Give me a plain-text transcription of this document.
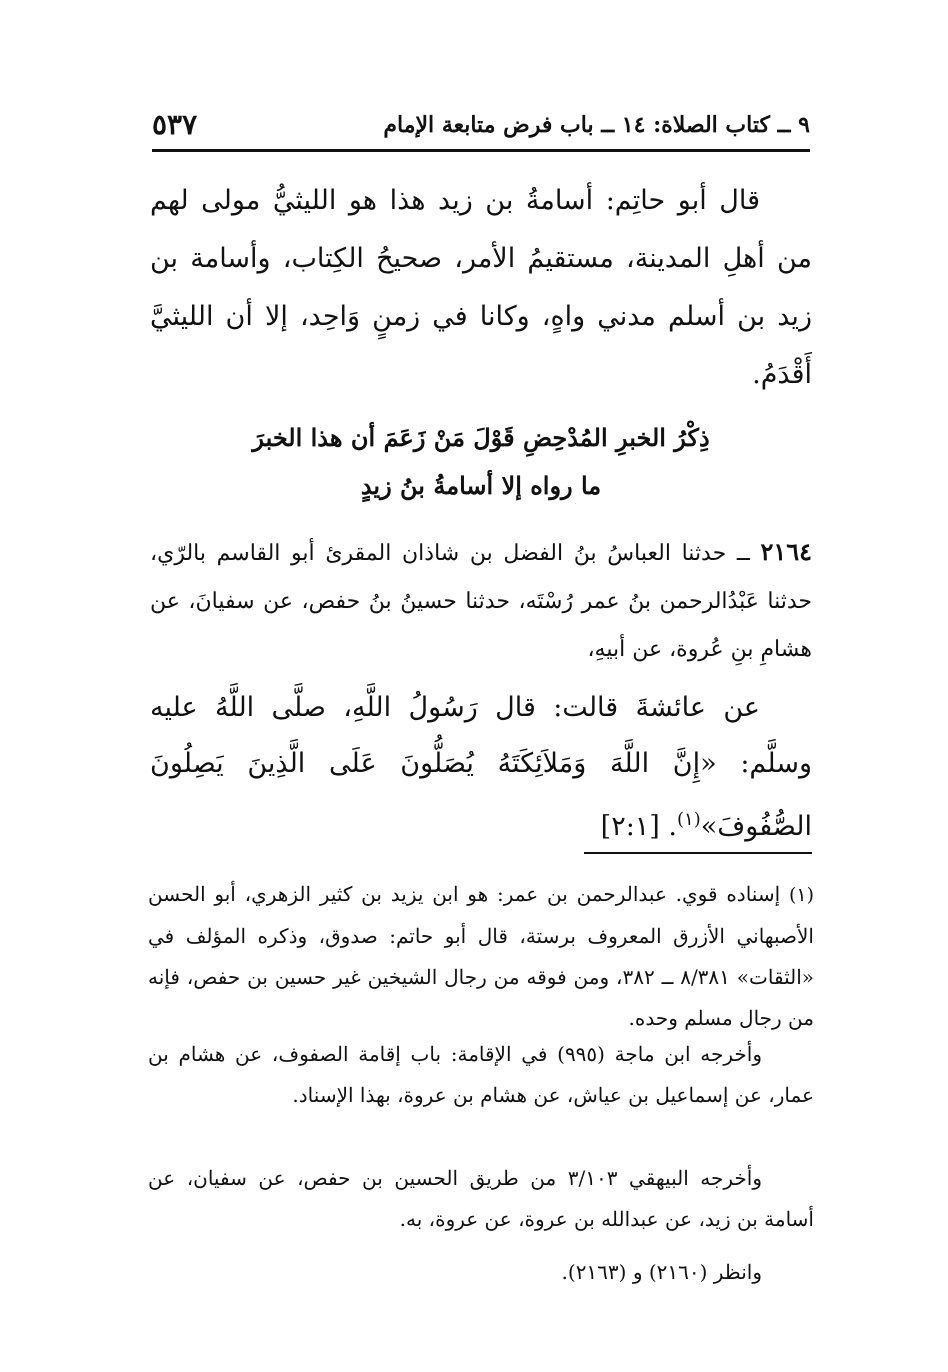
٩ ــ كتاب الصلاة: ١٤ ــ باب فرض متابعة الإمام
٥٣٧

قال أبو حاتِم: أسامةُ بن زيد هذا هو الليثيُّ مولى لهم من أهلِ المدينة، مستقيمُ الأمر، صحيحُ الكِتاب، وأسامة بن زيد بن أسلم مدني واهٍ، وكانا في زمنٍ وَاحِد، إلا أن الليثيَّ أَقْدَمُ.

ذِكْرُ الخبرِ المُدْحِضِ قَوْلَ مَنْ زَعَمَ أن هذا الخبرَ
ما رواه إلا أسامةُ بنُ زيدٍ

٢١٦٤ ــ حدثنا العباسُ بنُ الفضل بن شاذان المقرئ أبو القاسم بالرّي، حدثنا عَبْدُالرحمن بنُ عمر رُسْتَه، حدثنا حسينُ بنُ حفص، عن سفيانَ، عن هشامِ بنِ عُروة، عن أبيهِ،

عن عائشةَ قالت: قال رَسُولُ اللَّهِ، صلَّى اللَّهُ عليه وسلَّم: «إِنَّ اللَّهَ وَمَلاَئِكَتَهُ يُصَلُّونَ عَلَى الَّذِينَ يَصِلُونَ الصُّفُوفَ»$^{(١)}$. [٢:١]

(١) إسناده قوي. عبدالرحمن بن عمر: هو ابن يزيد بن كثير الزهري، أبو الحسن الأصبهاني الأزرق المعروف برستة، قال أبو حاتم: صدوق، وذكره المؤلف في «الثقات» ٨/٣٨١ ــ ٣٨٢، ومن فوقه من رجال الشيخين غير حسين بن حفص، فإنه من رجال مسلم وحده.

وأخرجه ابن ماجة (٩٩٥) في الإقامة: باب إقامة الصفوف، عن هشام بن عمار، عن إسماعيل بن عياش، عن هشام بن عروة، بهذا الإسناد.

وأخرجه البيهقي ٣/١٠٣ من طريق الحسين بن حفص، عن سفيان، عن أسامة بن زيد، عن عبدالله بن عروة، عن عروة، به.

وانظر (٢١٦٠) و (٢١٦٣).
